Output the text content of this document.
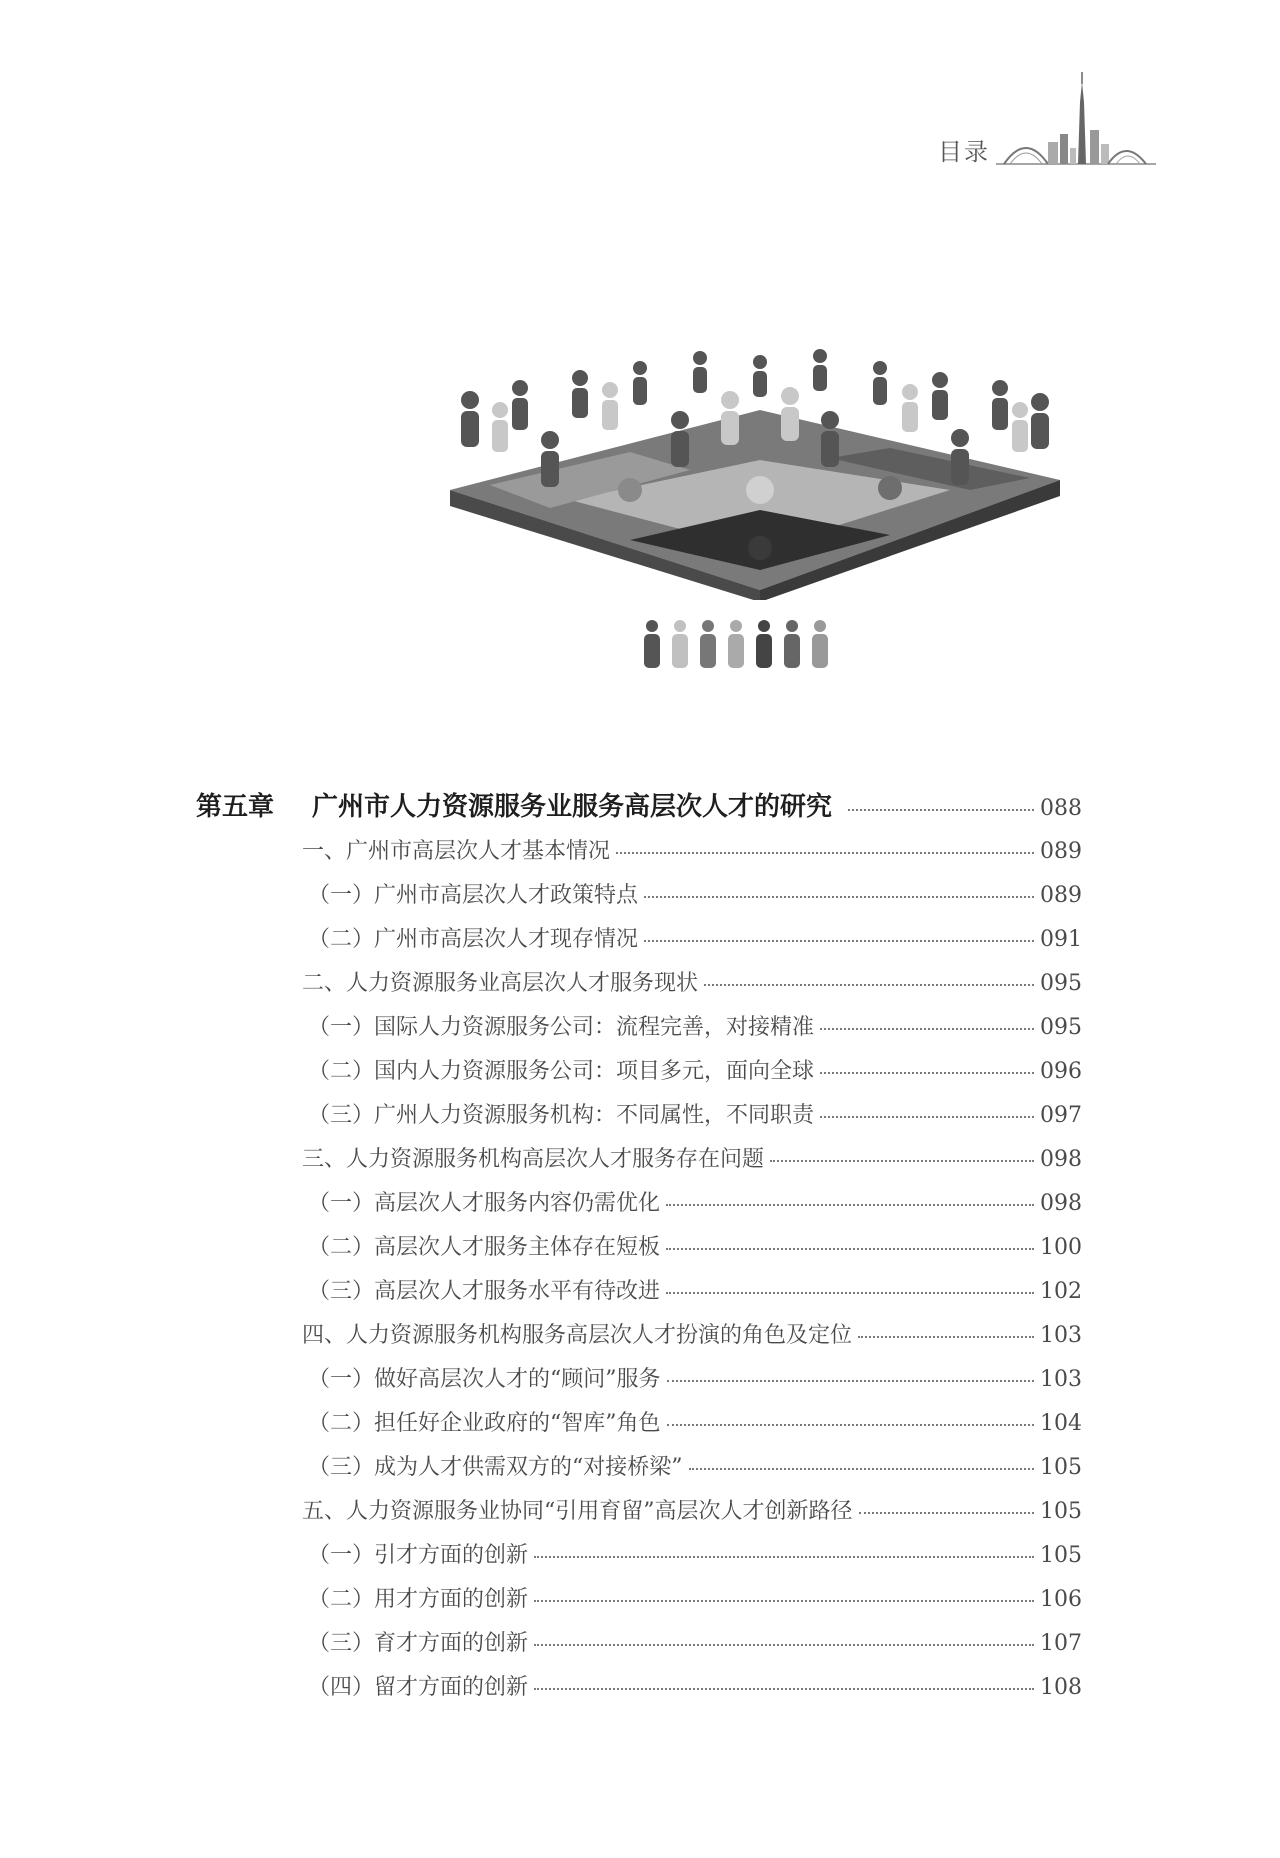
目录
第五章	广州市人力资源服务业服务高层次人才的研究	088
一、广州市高层次人才基本情况	089
（一）广州市高层次人才政策特点	089
（二）广州市高层次人才现存情况	091
二、人力资源服务业高层次人才服务现状	095
（一）国际人力资源服务公司：流程完善，对接精准	095
（二）国内人力资源服务公司：项目多元，面向全球	096
（三）广州人力资源服务机构：不同属性，不同职责	097
三、人力资源服务机构高层次人才服务存在问题	098
（一）高层次人才服务内容仍需优化	098
（二）高层次人才服务主体存在短板	100
（三）高层次人才服务水平有待改进	102
四、人力资源服务机构服务高层次人才扮演的角色及定位	103
（一）做好高层次人才的“顾问”服务	103
（二）担任好企业政府的“智库”角色	104
（三）成为人才供需双方的“对接桥梁”	105
五、人力资源服务业协同“引用育留”高层次人才创新路径	105
（一）引才方面的创新	105
（二）用才方面的创新	106
（三）育才方面的创新	107
（四）留才方面的创新	108
